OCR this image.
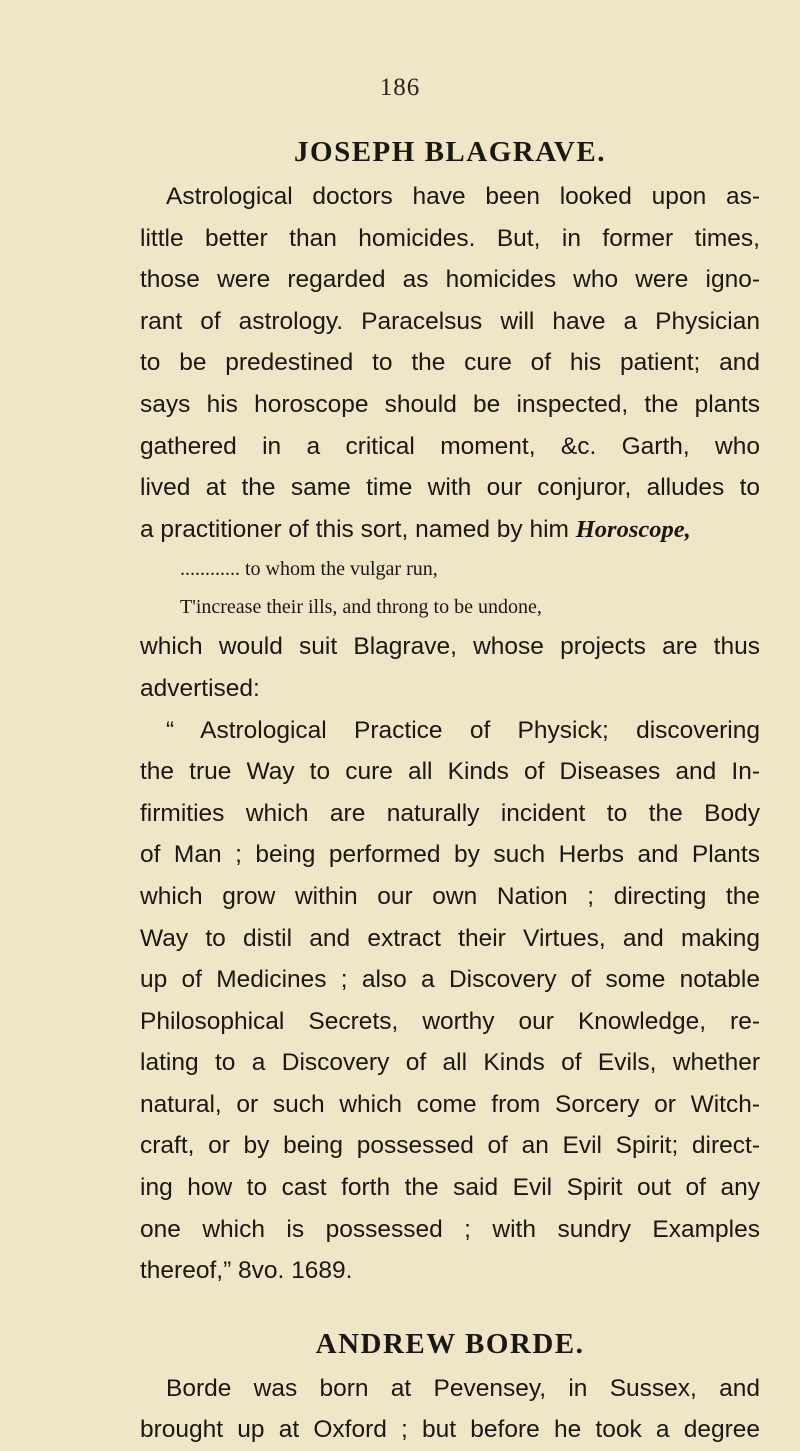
186
JOSEPH BLAGRAVE.

Astrological doctors have been looked upon as-
little better than homicides. But, in former times,
those were regarded as homicides who were igno-
rant of astrology. Paracelsus will have a Physician
to be predestined to the cure of his patient; and
says his horoscope should be inspected, the plants
gathered in a critical moment, &c. Garth, who
lived at the same time with our conjuror, alludes to
a practitioner of this sort, named by him Horoscope,

............ to whom the vulgar run,
T'increase their ills, and throng to be undone,

which would suit Blagrave, whose projects are thus
advertised:

“ Astrological Practice of Physick; discovering
the true Way to cure all Kinds of Diseases and In-
firmities which are naturally incident to the Body
of Man ; being performed by such Herbs and Plants
which grow within our own Nation ; directing the
Way to distil and extract their Virtues, and making
up of Medicines ; also a Discovery of some notable
Philosophical Secrets, worthy our Knowledge, re-
lating to a Discovery of all Kinds of Evils, whether
natural, or such which come from Sorcery or Witch-
craft, or by being possessed of an Evil Spirit; direct-
ing how to cast forth the said Evil Spirit out of any
one which is possessed ; with sundry Examples
thereof,” 8vo. 1689.

ANDREW BORDE.

Borde was born at Pevensey, in Sussex, and
brought up at Oxford ; but before he took a degree
